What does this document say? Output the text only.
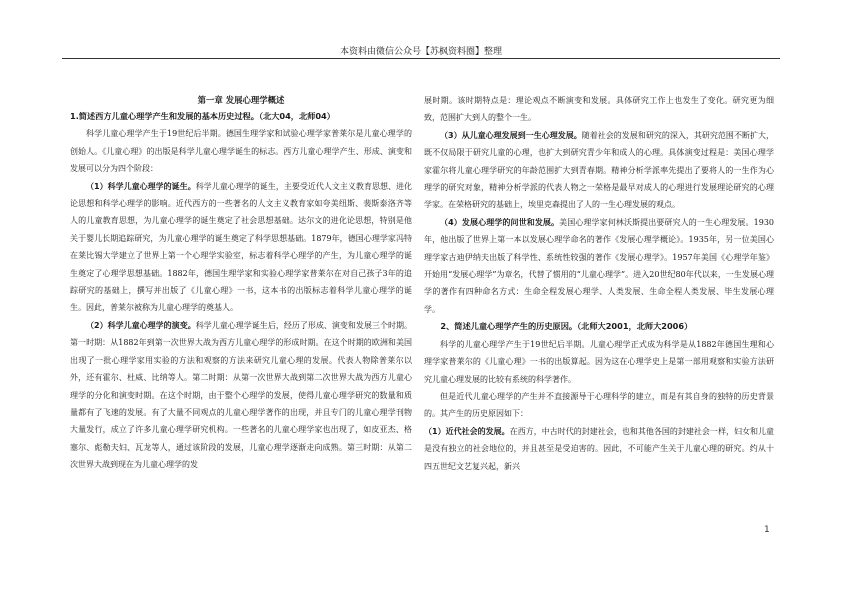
本资料由微信公众号【苏枫资料圈】整理
第一章 发展心理学概述

1.简述西方儿童心理学产生和发展的基本历史过程。（北大04，北师04）

科学儿童心理学产生于19世纪后半期。德国生理学家和试验心理学家普莱尔是儿童心理学的创始人。《儿童心理》的出版是科学儿童心理学诞生的标志。西方儿童心理学产生、形成、演变和发展可以分为四个阶段：

（1）科学儿童心理学的诞生。科学儿童心理学的诞生，主要受近代人文主义教育思想、进化论思想和科学心理学的影响。近代西方的一些著名的人文主义教育家如夸美纽斯、裴斯泰洛齐等人的儿童教育思想，为儿童心理学的诞生奠定了社会思想基础。达尔文的进化论思想，特别是他关于婴儿长期追踪研究，为儿童心理学的诞生奠定了科学思想基础。1879年，德国心理学家冯特在莱比锡大学建立了世界上第一个心理学实验室，标志着科学心理学的产生，为儿童心理学的诞生奠定了心理学思想基础。1882年，德国生理学家和实验心理学家普莱尔在对自己孩子3年的追踪研究的基础上，撰写并出版了《儿童心理》一书，这本书的出版标志着科学儿童心理学的诞生。因此，普莱尔被称为儿童心理学的奠基人。

（2）科学儿童心理学的演变。科学儿童心理学诞生后，经历了形成、演变和发展三个时期。第一时期：从1882年到第一次世界大战为西方儿童心理学的形成时期。在这个时期的欧洲和美国出现了一批心理学家用实验的方法和观察的方法来研究儿童心理的发展。代表人物除普莱尔以外，还有霍尔、杜威、比纳等人。第二时期：从第一次世界大战到第二次世界大战为西方儿童心理学的分化和演变时期。在这个时期，由于整个心理学的发展，使得儿童心理学研究的数量和质量都有了飞速的发展。有了大量不同观点的儿童心理学著作的出现，并且专门的儿童心理学刊物大量发行，成立了许多儿童心理学研究机构。一些著名的儿童心理学家也出现了，如皮亚杰、格塞尔、彪勒夫妇、瓦龙等人，通过该阶段的发展，儿童心理学逐渐走向成熟。第三时期：从第二次世界大战到现在为儿童心理学的发

展时期。该时期特点是：理论观点不断演变和发展。具体研究工作上也发生了变化。研究更为细致，范围扩大到人的整个一生。

（3）从儿童心理发展到一生心理发展。随着社会的发展和研究的深入，其研究范围不断扩大，既不仅局限于研究儿童的心理，也扩大到研究青少年和成人的心理。具体演变过程是：美国心理学家霍尔将儿童心理学研究的年龄范围扩大到青春期。精神分析学派率先提出了要将人的一生作为心理学的研究对象，精神分析学派的代表人物之一荣格是最早对成人的心理进行发展理论研究的心理学家。在荣格研究的基础上，埃里克森提出了人的一生心理发展的观点。

（4）发展心理学的问世和发展。美国心理学家何林沃斯提出要研究人的一生心理发展。1930年，他出版了世界上第一本以发展心理学命名的著作《发展心理学概论》。1935年，另一位美国心理学家古迪伊纳夫出版了科学性、系统性较强的著作《发展心理学》。1957年美国《心理学年鉴》开始用“发展心理学”为章名，代替了惯用的“儿童心理学”。进入20世纪80年代以来，一生发展心理学的著作有四种命名方式：生命全程发展心理学、人类发展、生命全程人类发展、毕生发展心理学。

2、简述儿童心理学产生的历史原因。（北师大2001，北师大2006）

科学的儿童心理学产生于19世纪后半期。儿童心理学正式成为科学是从1882年德国生理和心理学家普莱尔的《儿童心理》一书的出版算起。因为这在心理学史上是第一部用观察和实验方法研究儿童心理发展的比较有系统的科学著作。

但是近代儿童心理学的产生并不直接源导于心理科学的建立，而是有其自身的独特的历史背景的。其产生的历史原因如下：

（1）近代社会的发展。在西方，中古时代的封建社会，也和其他各国的封建社会一样，妇女和儿童是没有独立的社会地位的，并且甚至是受迫害的。因此，不可能产生关于儿童心理的研究。约从十四五世纪文艺复兴起，新兴

1
